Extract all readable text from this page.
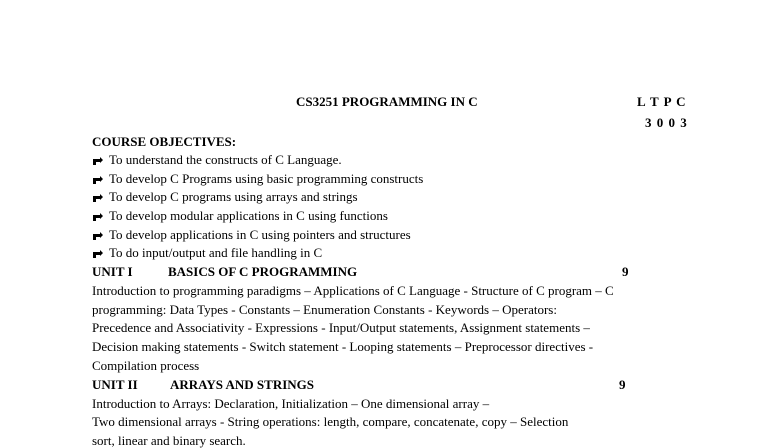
CS3251 PROGRAMMING IN C	L T P C
3 0 0 3
COURSE OBJECTIVES:
To understand the constructs of C Language.
To develop C Programs using basic programming constructs
To develop C programs using arrays and strings
To develop modular applications in C using functions
To develop applications in C using pointers and structures
To do input/output and file handling in C
UNIT I	BASICS OF C PROGRAMMING	9
Introduction to programming paradigms – Applications of C Language - Structure of C program – C
programming: Data Types - Constants – Enumeration Constants - Keywords – Operators:
Precedence and Associativity - Expressions - Input/Output statements, Assignment statements –
Decision making statements - Switch statement - Looping statements – Preprocessor directives -
Compilation process
UNIT II ARRAYS AND STRINGS	9
Introduction to Arrays: Declaration, Initialization – One dimensional array –
Two dimensional arrays - String operations: length, compare, concatenate, copy – Selection
sort, linear and binary search.
